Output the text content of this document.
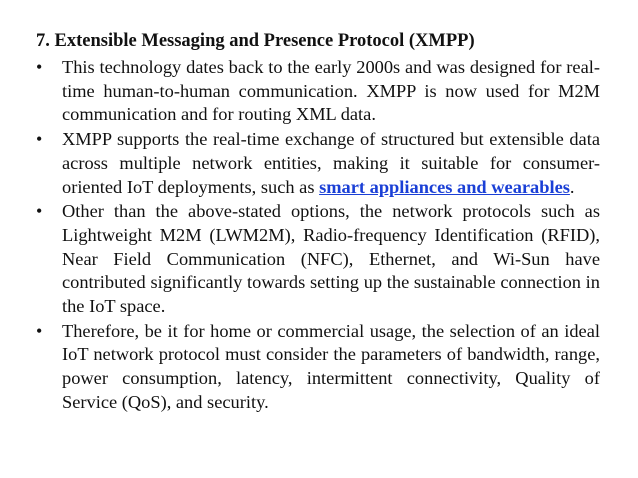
7. Extensible Messaging and Presence Protocol (XMPP)
• This technology dates back to the early 2000s and was designed for real-time human-to-human communication. XMPP is now used for M2M communication and for routing XML data.
• XMPP supports the real-time exchange of structured but extensible data across multiple network entities, making it suitable for consumer-oriented IoT deployments, such as smart appliances and wearables.
• Other than the above-stated options, the network protocols such as Lightweight M2M (LWM2M), Radio-frequency Identification (RFID), Near Field Communication (NFC), Ethernet, and Wi-Sun have contributed significantly towards setting up the sustainable connection in the IoT space.
• Therefore, be it for home or commercial usage, the selection of an ideal IoT network protocol must consider the parameters of bandwidth, range, power consumption, latency, intermittent connectivity, Quality of Service (QoS), and security.
